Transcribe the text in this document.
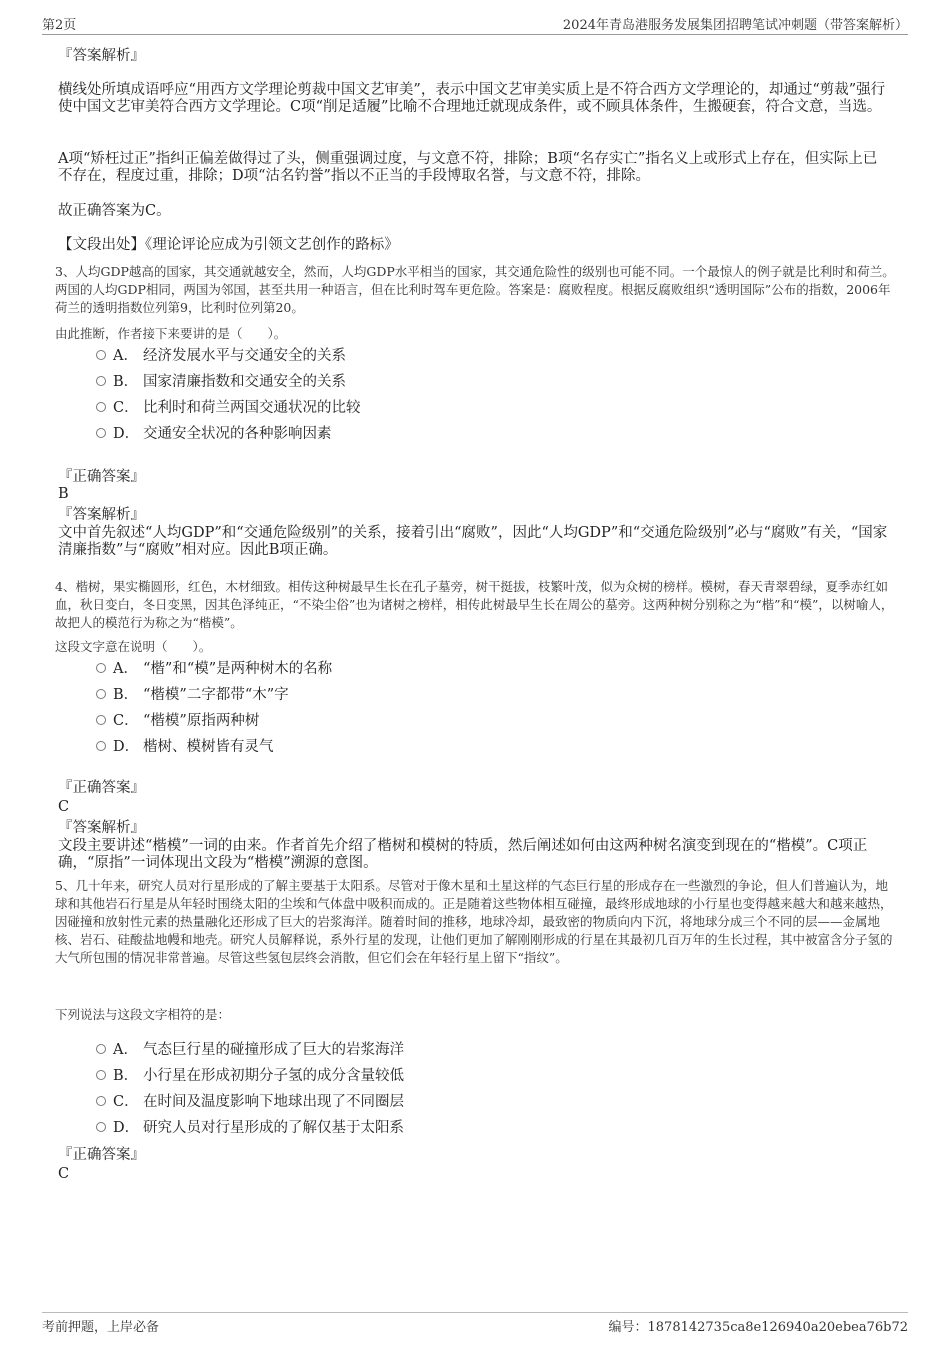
第2页	2024年青岛港服务发展集团招聘笔试冲刺题（带答案解析）
『答案解析』
横线处所填成语呼应“用西方文学理论剪裁中国文艺审美”，表示中国文艺审美实质上是不符合西方文学理论的，却通过“剪裁”强行使中国文艺审美符合西方文学理论。C项“削足适履”比喻不合理地迁就现成条件，或不顾具体条件，生搬硬套，符合文意，当选。
A项“矫枉过正”指纠正偏差做得过了头，侧重强调过度，与文意不符，排除；B项“名存实亡”指名义上或形式上存在，但实际上已不存在，程度过重，排除；D项“沽名钓誉”指以不正当的手段博取名誉，与文意不符，排除。
故正确答案为C。
【文段出处】《理论评论应成为引领文艺创作的路标》
3、人均GDP越高的国家，其交通就越安全，然而，人均GDP水平相当的国家，其交通危险性的级别也可能不同。一个最惊人的例子就是比利时和荷兰。两国的人均GDP相同，两国为邻国，甚至共用一种语言，但在比利时驾车更危险。答案是：腐败程度。根据反腐败组织“透明国际”公布的指数，2006年荷兰的透明指数位列第9，比利时位列第20。
由此推断，作者接下来要讲的是（　　）。
A． 经济发展水平与交通安全的关系
B． 国家清廉指数和交通安全的关系
C． 比利时和荷兰两国交通状况的比较
D． 交通安全状况的各种影响因素
『正确答案』
B
『答案解析』
文中首先叙述“人均GDP”和“交通危险级别”的关系，接着引出“腐败”，因此“人均GDP”和“交通危险级别”必与“腐败”有关，“国家清廉指数”与“腐败”相对应。因此B项正确。
4、楷树，果实椭圆形，红色，木材细致。相传这种树最早生长在孔子墓旁，树干挺拔，枝繁叶茂，似为众树的榜样。模树，春天青翠碧绿，夏季赤红如血，秋日变白，冬日变黑，因其色泽纯正，“不染尘俗”也为诸树之榜样，相传此树最早生长在周公的墓旁。这两种树分别称之为“楷”和“模”，以树喻人，故把人的模范行为称之为“楷模”。
这段文字意在说明（　　）。
A． “楷”和“模”是两种树木的名称
B． “楷模”二字都带“木”字
C． “楷模”原指两种树
D． 楷树、模树皆有灵气
『正确答案』
C
『答案解析』
文段主要讲述“楷模”一词的由来。作者首先介绍了楷树和模树的特质，然后阐述如何由这两种树名演变到现在的“楷模”。C项正确，“原指”一词体现出文段为“楷模”溯源的意图。
5、几十年来，研究人员对行星形成的了解主要基于太阳系。尽管对于像木星和土星这样的气态巨行星的形成存在一些激烈的争论，但人们普遍认为，地球和其他岩石行星是从年轻时围绕太阳的尘埃和气体盘中吸积而成的。正是随着这些物体相互碰撞，最终形成地球的小行星也变得越来越大和越来越热，因碰撞和放射性元素的热量融化还形成了巨大的岩浆海洋。随着时间的推移，地球冷却，最致密的物质向内下沉，将地球分成三个不同的层——金属地核、岩石、硅酸盐地幔和地壳。研究人员解释说，系外行星的发现，让他们更加了解刚刚形成的行星在其最初几百万年的生长过程，其中被富含分子氢的大气所包围的情况非常普遍。尽管这些氢包层终会消散，但它们会在年轻行星上留下“指纹”。
下列说法与这段文字相符的是：
A． 气态巨行星的碰撞形成了巨大的岩浆海洋
B． 小行星在形成初期分子氢的成分含量较低
C． 在时间及温度影响下地球出现了不同圈层
D． 研究人员对行星形成的了解仅基于太阳系
『正确答案』
C
考前押题，上岸必备	编号：1878142735ca8e126940a20ebea76b72
